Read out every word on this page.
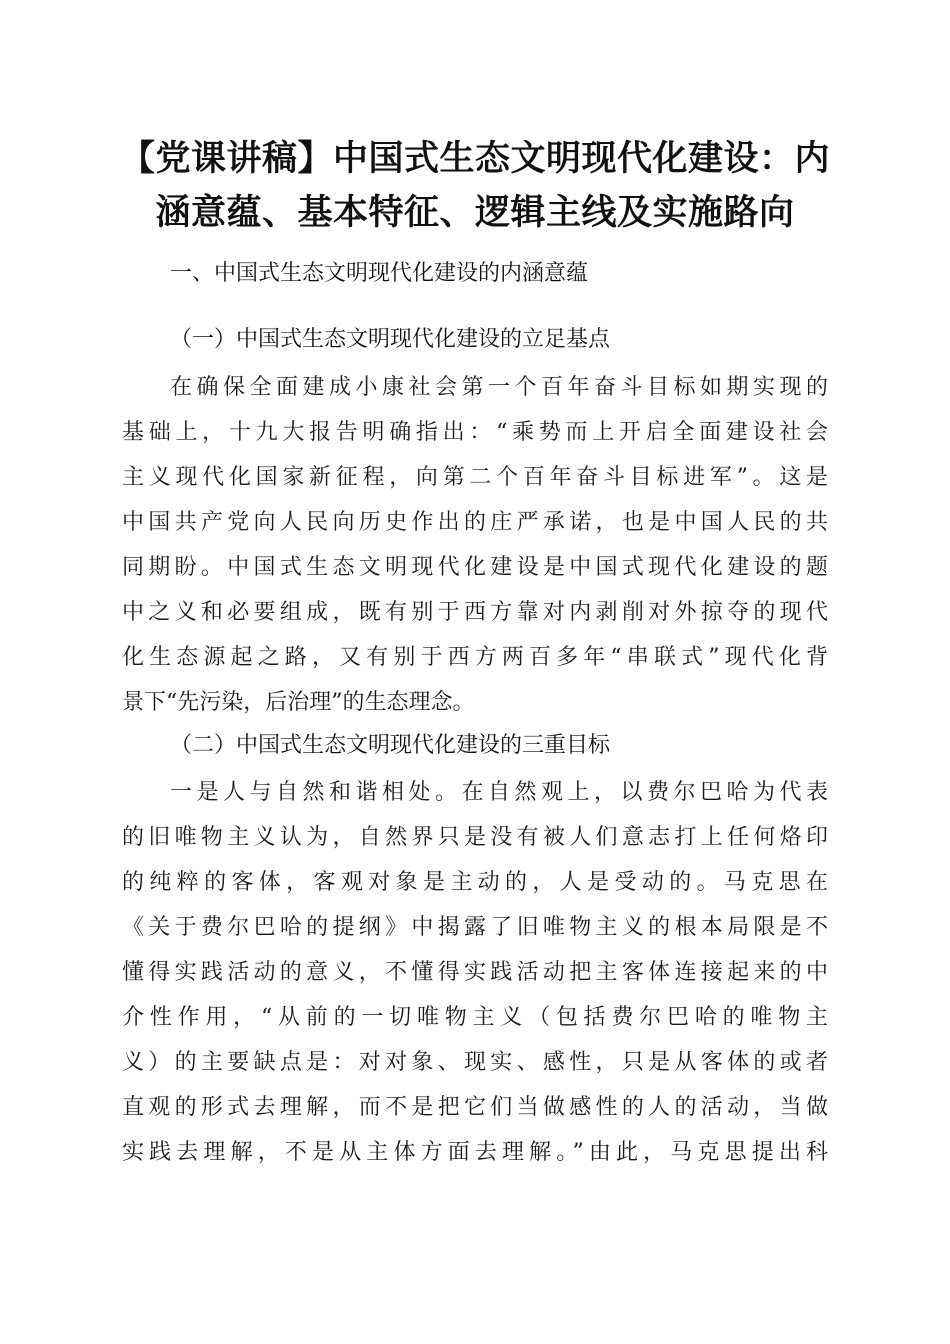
【党课讲稿】中国式生态文明现代化建设：内
涵意蕴、基本特征、逻辑主线及实施路向
一、中国式生态文明现代化建设的内涵意蕴
（一）中国式生态文明现代化建设的立足基点
在确保全面建成小康社会第一个百年奋斗目标如期实现的
基础上，十九大报告明确指出：“乘势而上开启全面建设社会
主义现代化国家新征程，向第二个百年奋斗目标进军”。这是
中国共产党向人民向历史作出的庄严承诺，也是中国人民的共
同期盼。中国式生态文明现代化建设是中国式现代化建设的题
中之义和必要组成，既有别于西方靠对内剥削对外掠夺的现代
化生态源起之路，又有别于西方两百多年“串联式”现代化背
景下“先污染，后治理”的生态理念。
（二）中国式生态文明现代化建设的三重目标
一是人与自然和谐相处。在自然观上，以费尔巴哈为代表
的旧唯物主义认为，自然界只是没有被人们意志打上任何烙印
的纯粹的客体，客观对象是主动的，人是受动的。马克思在
《关于费尔巴哈的提纲》中揭露了旧唯物主义的根本局限是不
懂得实践活动的意义，不懂得实践活动把主客体连接起来的中
介性作用，“从前的一切唯物主义（包括费尔巴哈的唯物主
义）的主要缺点是：对对象、现实、感性，只是从客体的或者
直观的形式去理解，而不是把它们当做感性的人的活动，当做
实践去理解，不是从主体方面去理解。”由此，马克思提出科
